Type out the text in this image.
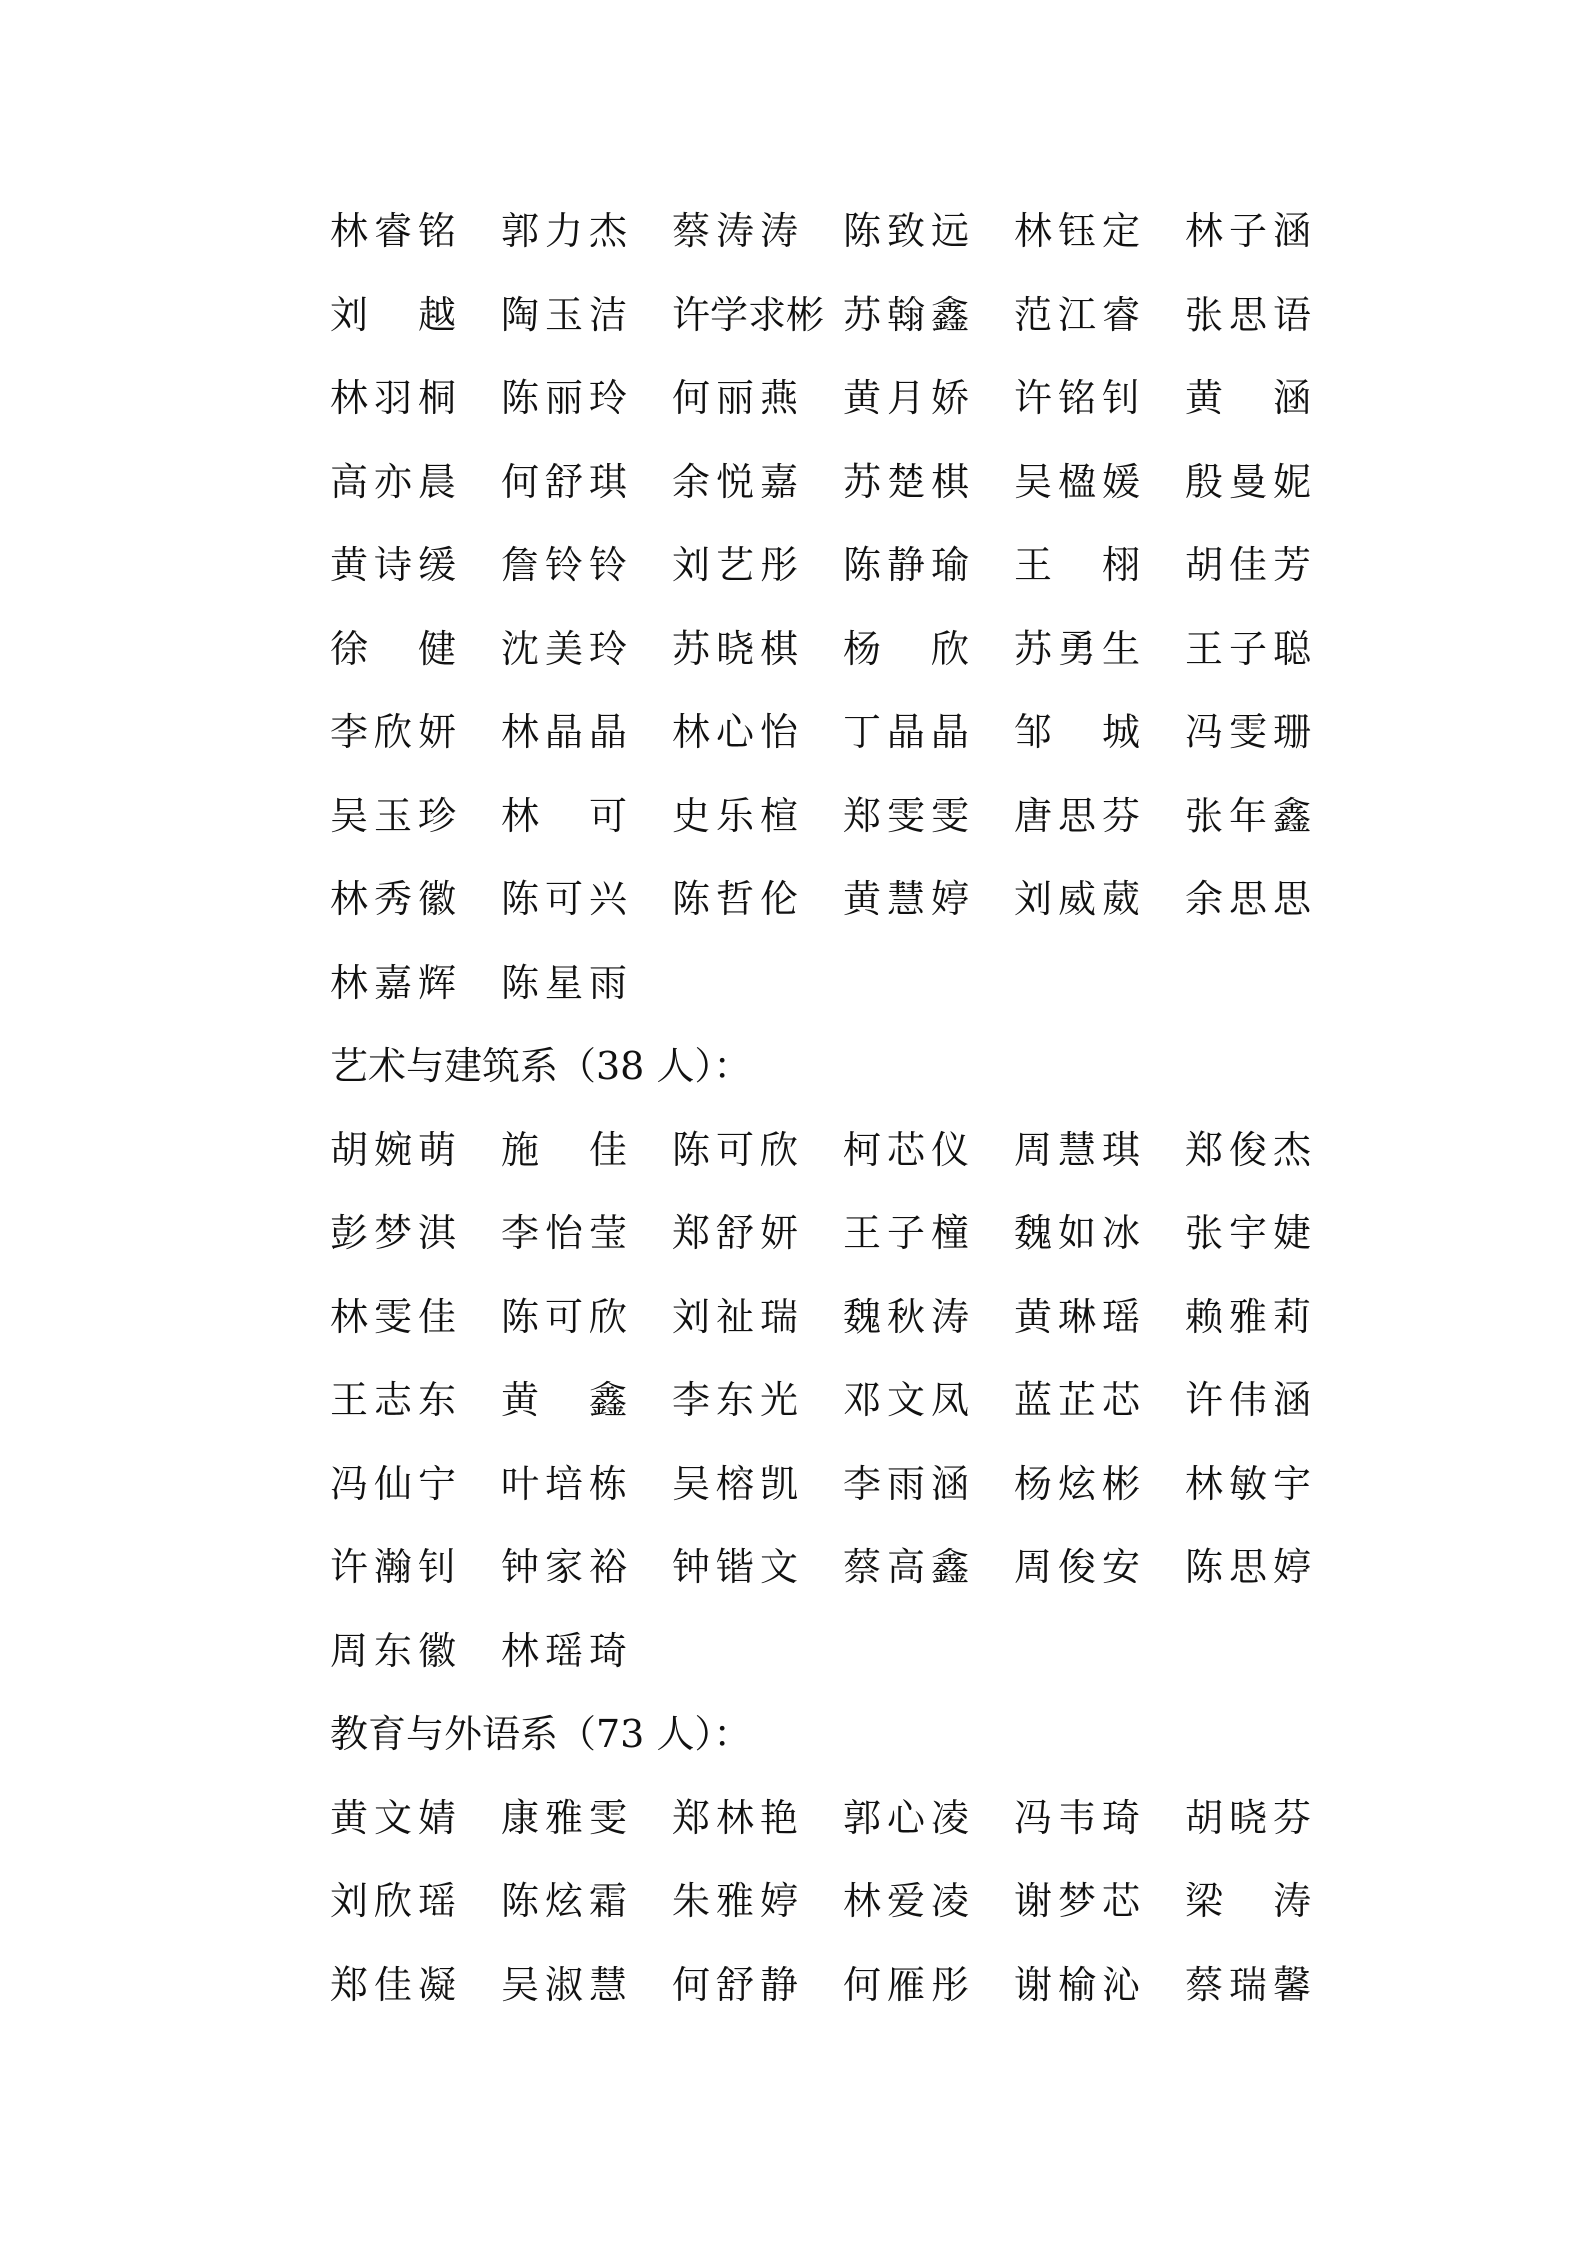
林 睿 铭 郭 力 杰 蔡 涛 涛 陈 致 远 林 钰 定 林 子 涵
刘 越 陶 玉 洁 许学求彬 苏 翰 鑫 范 江 睿 张 思 语
林 羽 桐 陈 丽 玲 何 丽 燕 黄 月 娇 许 铭 钊 黄 涵
高 亦 晨 何 舒 琪 余 悦 嘉 苏 楚 棋 吴 楹 媛 殷 曼 妮
黄 诗 缓 詹 铃 铃 刘 艺 彤 陈 静 瑜 王 栩 胡 佳 芳
徐 健 沈 美 玲 苏 晓 棋 杨 欣 苏 勇 生 王 子 聪
李 欣 妍 林 晶 晶 林 心 怡 丁 晶 晶 邹 城 冯 雯 珊
吴 玉 珍 林 可 史 乐 楦 郑 雯 雯 唐 思 芬 张 年 鑫
林 秀 徽 陈 可 兴 陈 哲 伦 黄 慧 婷 刘 威 葳 余 思 思
林 嘉 辉 陈 星 雨
艺术与建筑系（38 人）：
胡 婉 萌 施 佳 陈 可 欣 柯 芯 仪 周 慧 琪 郑 俊 杰
彭 梦 淇 李 怡 莹 郑 舒 妍 王 子 橦 魏 如 冰 张 宇 婕
林 雯 佳 陈 可 欣 刘 祉 瑞 魏 秋 涛 黄 琳 瑶 赖 雅 莉
王 志 东 黄 鑫 李 东 光 邓 文 凤 蓝 芷 芯 许 伟 涵
冯 仙 宁 叶 培 栋 吴 榕 凯 李 雨 涵 杨 炫 彬 林 敏 宇
许 瀚 钊 钟 家 裕 钟 锴 文 蔡 高 鑫 周 俊 安 陈 思 婷
周 东 徽 林 瑶 琦
教育与外语系（73 人）：
黄 文 婧 康 雅 雯 郑 林 艳 郭 心 凌 冯 韦 琦 胡 晓 芬
刘 欣 瑶 陈 炫 霜 朱 雅 婷 林 爱 凌 谢 梦 芯 梁 涛
郑 佳 凝 吴 淑 慧 何 舒 静 何 雁 彤 谢 榆 沁 蔡 瑞 馨
